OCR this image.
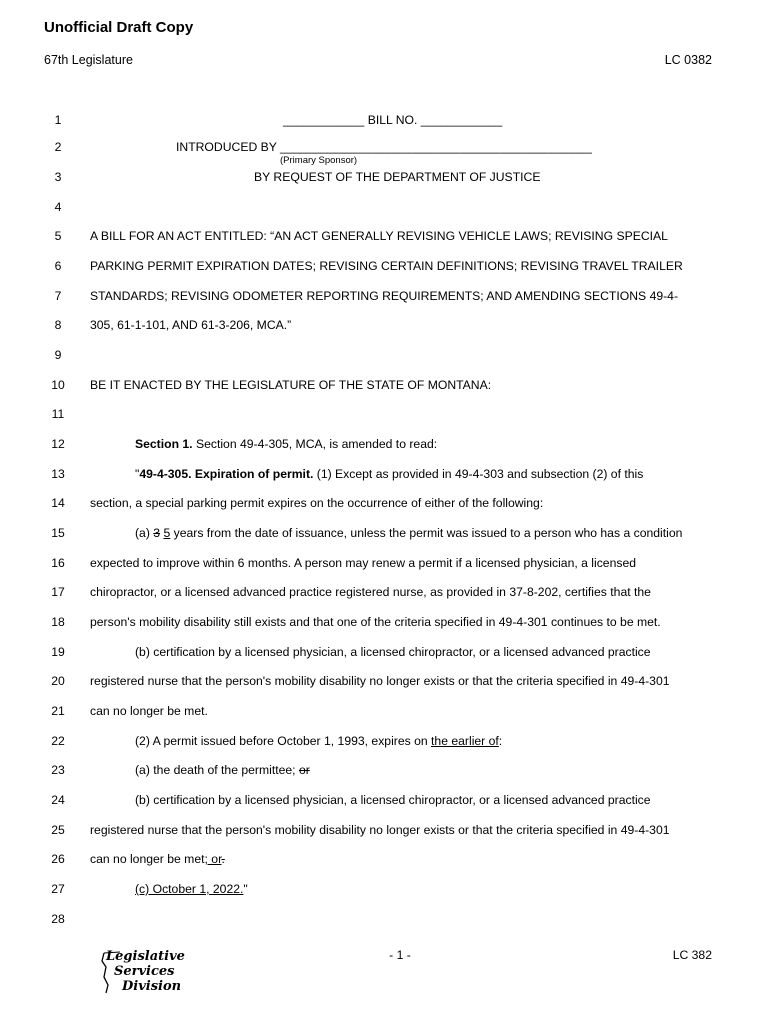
Unofficial Draft Copy
67th Legislature	LC 0382
1
2
3
4
5
6
7
8
9
10
11
12
13
14
15
16
17
18
19
20
21
22
23
24
25
26
27
28
____________ BILL NO. ____________
INTRODUCED BY ______________________________________________
(Primary Sponsor)
BY REQUEST OF THE DEPARTMENT OF JUSTICE
A BILL FOR AN ACT ENTITLED: “AN ACT GENERALLY REVISING VEHICLE LAWS; REVISING SPECIAL
PARKING PERMIT EXPIRATION DATES; REVISING CERTAIN DEFINITIONS; REVISING TRAVEL TRAILER
STANDARDS; REVISING ODOMETER REPORTING REQUIREMENTS; AND AMENDING SECTIONS 49-4-
305, 61-1-101, AND 61-3-206, MCA.”
BE IT ENACTED BY THE LEGISLATURE OF THE STATE OF MONTANA:
Section 1. Section 49-4-305, MCA, is amended to read:
"49-4-305. Expiration of permit. (1) Except as provided in 49-4-303 and subsection (2) of this
section, a special parking permit expires on the occurrence of either of the following:
(a) 3 5 years from the date of issuance, unless the permit was issued to a person who has a condition
expected to improve within 6 months. A person may renew a permit if a licensed physician, a licensed
chiropractor, or a licensed advanced practice registered nurse, as provided in 37-8-202, certifies that the
person's mobility disability still exists and that one of the criteria specified in 49-4-301 continues to be met.
(b) certification by a licensed physician, a licensed chiropractor, or a licensed advanced practice
registered nurse that the person's mobility disability no longer exists or that the criteria specified in 49-4-301
can no longer be met.
(2) A permit issued before October 1, 1993, expires on the earlier of:
(a) the death of the permittee; or
(b) certification by a licensed physician, a licensed chiropractor, or a licensed advanced practice
registered nurse that the person's mobility disability no longer exists or that the criteria specified in 49-4-301
can no longer be met; or.
(c) October 1, 2022."
Legislative
Services
Division
- 1 -	LC 382
